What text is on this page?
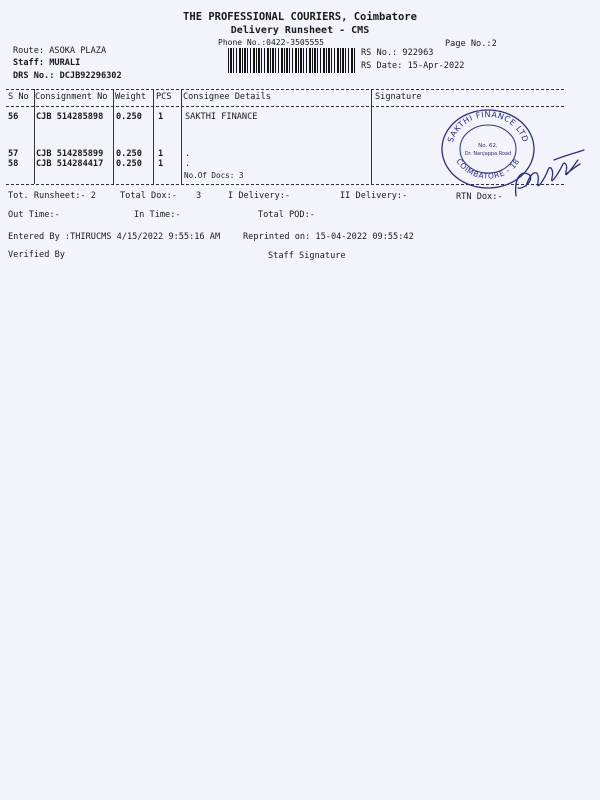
THE PROFESSIONAL COURIERS, Coimbatore
Delivery Runsheet - CMS
Phone No.:0422-3505555	Page No.:2
Route: ASOKA PLAZA
Staff: MURALI
DRS No.: DCJB92296302
RS No.: 922963
RS Date: 15-Apr-2022
S No Consignment No Weight PCS Consignee Details	Signature
56 CJB 514285898 0.250 1	SAKTHI FINANCE
57 CJB 514285899 0.250 1	.
58 CJB 514284417 0.250 1	.
No.Of Docs: 3
Tot. Runsheet:- 2	Total Dox:- 3	I Delivery:-	II Delivery:-	RTN Dox:-
Out Time:-	In Time:-	Total POD:-
Entered By :THIRUCMS 4/15/2022 9:55:16 AM	Reprinted on: 15-04-2022 09:55:42
Verified By	Staff Signature
SAKTHI FINANCE LTD
COIMBATORE - 18
No. 62,
Dr. Nanjappa Road
